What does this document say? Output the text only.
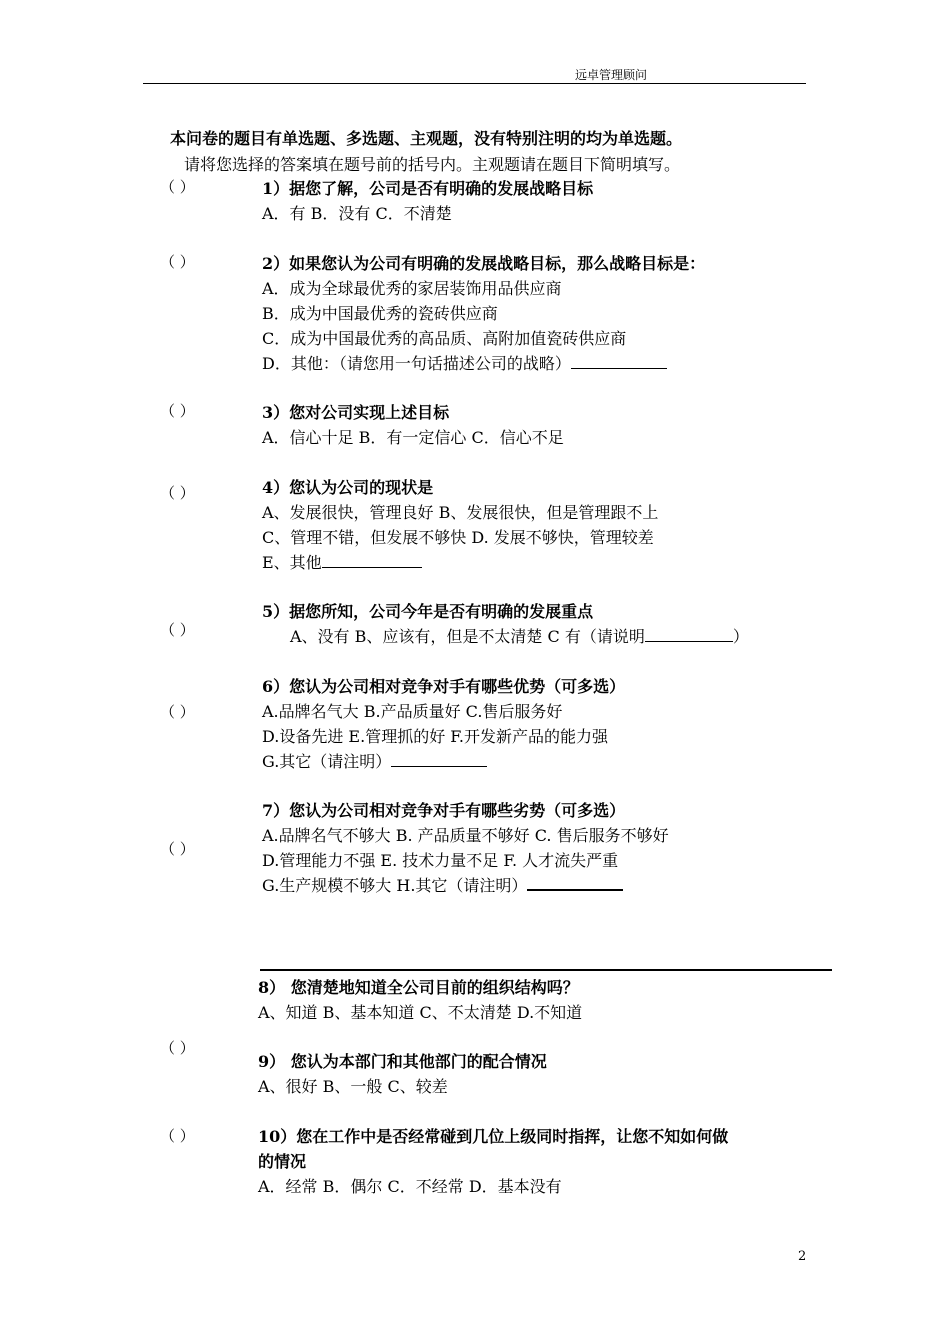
远卓管理顾问
本问卷的题目有单选题、多选题、主观题，没有特别注明的均为单选题。
请将您选择的答案填在题号前的括号内。主观题请在题目下简明填写。
（ ）
（ ）
（ ）
（ ）
（ ）
（ ）
（ ）
（ ）
（ ）
1）据您了解，公司是否有明确的发展战略目标
A．有 B．没有 C．不清楚
2）如果您认为公司有明确的发展战略目标，那么战略目标是：
A．成为全球最优秀的家居装饰用品供应商
B．成为中国最优秀的瓷砖供应商
C．成为中国最优秀的高品质、高附加值瓷砖供应商
D．其他：（请您用一句话描述公司的战略）
3）您对公司实现上述目标
A．信心十足 B．有一定信心 C．信心不足
4）您认为公司的现状是
A、发展很快，管理良好 B、发展很快，但是管理跟不上
C、管理不错，但发展不够快 D. 发展不够快，管理较差
E、其他
5）据您所知，公司今年是否有明确的发展重点
A、没有 B、应该有，但是不太清楚 C 有（请说明	）
6）您认为公司相对竞争对手有哪些优势（可多选）
A.品牌名气大 B.产品质量好 C.售后服务好
D.设备先进 E.管理抓的好 F.开发新产品的能力强
G.其它（请注明）
7）您认为公司相对竞争对手有哪些劣势（可多选）
A.品牌名气不够大 B. 产品质量不够好 C. 售后服务不够好
D.管理能力不强 E. 技术力量不足 F. 人才流失严重
G.生产规模不够大 H.其它（请注明）
8） 您清楚地知道全公司目前的组织结构吗？
A、知道 B、基本知道 C、不太清楚 D.不知道
9） 您认为本部门和其他部门的配合情况
A、很好 B、一般 C、较差
10）您在工作中是否经常碰到几位上级同时指挥，让您不知如何做
的情况
A．经常 B．偶尔 C．不经常 D．基本没有
2
